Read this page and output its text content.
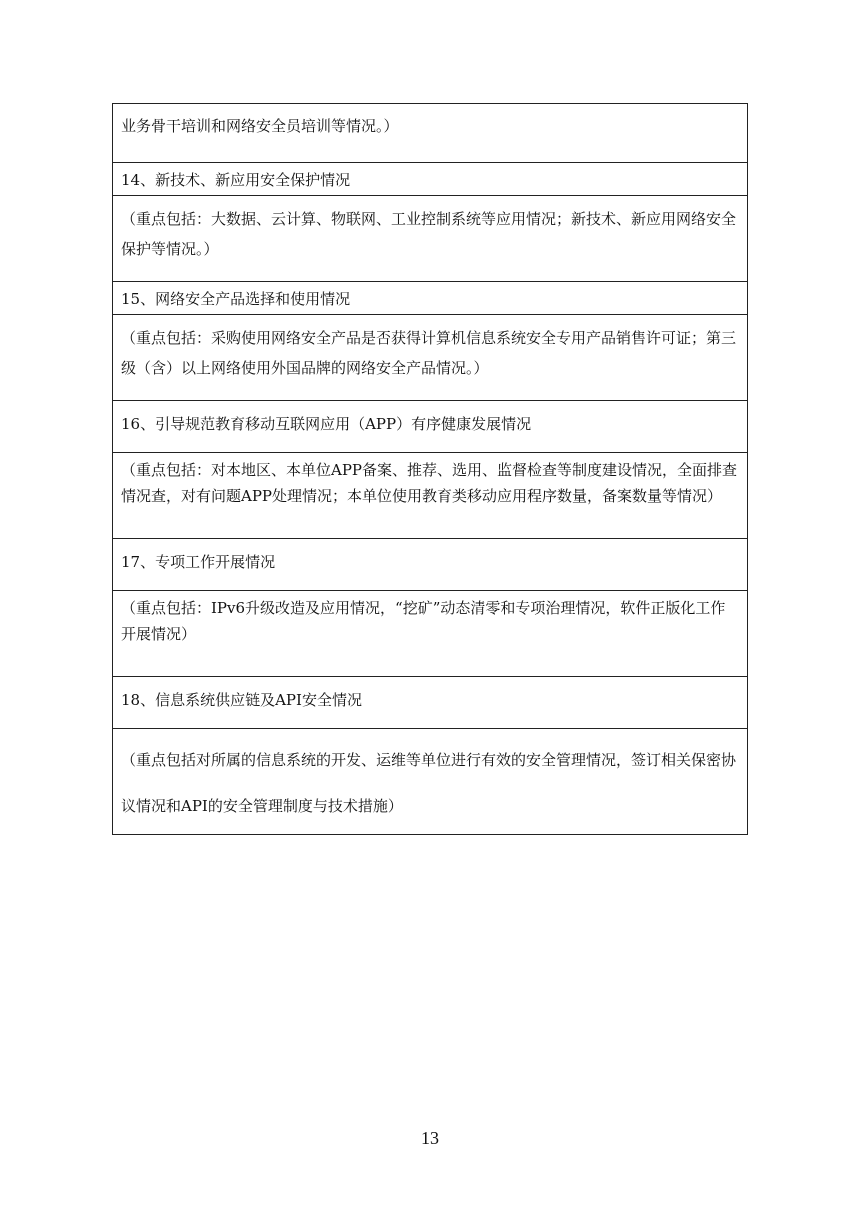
业务骨干培训和网络安全员培训等情况。）
14、新技术、新应用安全保护情况
（重点包括：大数据、云计算、物联网、工业控制系统等应用情况；新技术、新应用网络安全保护等情况。）
15、网络安全产品选择和使用情况
（重点包括：采购使用网络安全产品是否获得计算机信息系统安全专用产品销售许可证；第三级（含）以上网络使用外国品牌的网络安全产品情况。）
16、引导规范教育移动互联网应用（APP）有序健康发展情况
（重点包括：对本地区、本单位APP备案、推荐、选用、监督检查等制度建设情况，全面排查情况查，对有问题APP处理情况；本单位使用教育类移动应用程序数量，备案数量等情况）
17、专项工作开展情况
（重点包括：IPv6升级改造及应用情况，“挖矿”动态清零和专项治理情况，软件正版化工作开展情况）
18、信息系统供应链及API安全情况
（重点包括对所属的信息系统的开发、运维等单位进行有效的安全管理情况，签订相关保密协议情况和API的安全管理制度与技术措施）
13
